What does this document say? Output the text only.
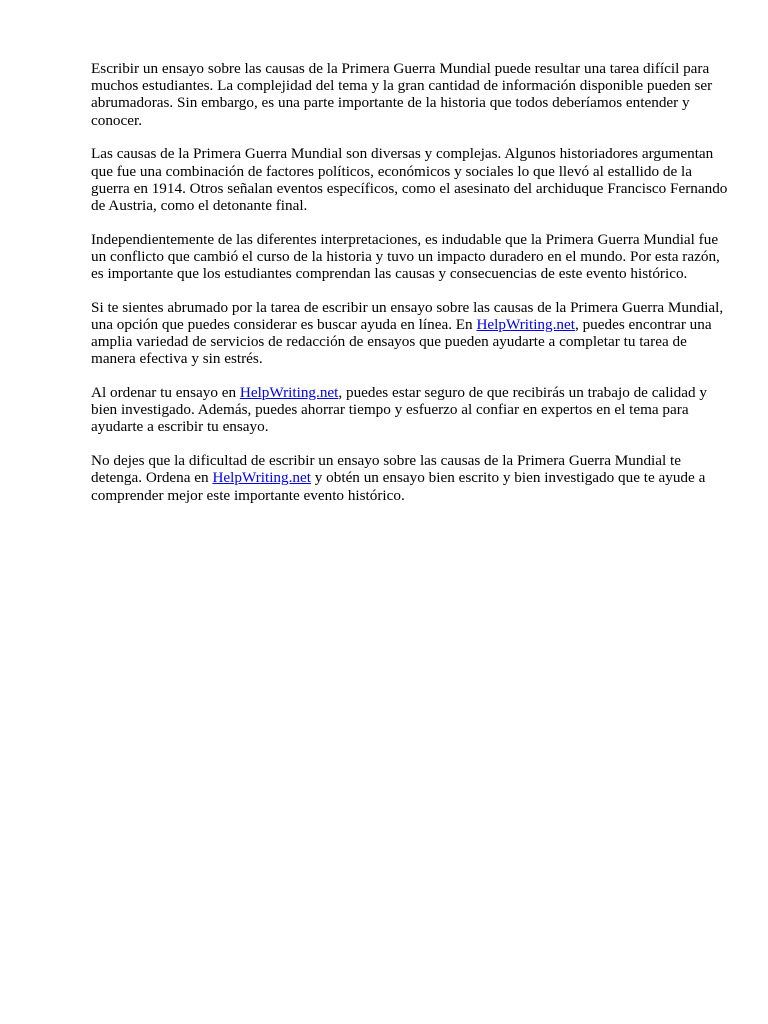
Escribir un ensayo sobre las causas de la Primera Guerra Mundial puede resultar una tarea difícil para muchos estudiantes. La complejidad del tema y la gran cantidad de información disponible pueden ser abrumadoras. Sin embargo, es una parte importante de la historia que todos deberíamos entender y conocer.

Las causas de la Primera Guerra Mundial son diversas y complejas. Algunos historiadores argumentan que fue una combinación de factores políticos, económicos y sociales lo que llevó al estallido de la guerra en 1914. Otros señalan eventos específicos, como el asesinato del archiduque Francisco Fernando de Austria, como el detonante final.

Independientemente de las diferentes interpretaciones, es indudable que la Primera Guerra Mundial fue un conflicto que cambió el curso de la historia y tuvo un impacto duradero en el mundo. Por esta razón, es importante que los estudiantes comprendan las causas y consecuencias de este evento histórico.

Si te sientes abrumado por la tarea de escribir un ensayo sobre las causas de la Primera Guerra Mundial, una opción que puedes considerar es buscar ayuda en línea. En HelpWriting.net, puedes encontrar una amplia variedad de servicios de redacción de ensayos que pueden ayudarte a completar tu tarea de manera efectiva y sin estrés.

Al ordenar tu ensayo en HelpWriting.net, puedes estar seguro de que recibirás un trabajo de calidad y bien investigado. Además, puedes ahorrar tiempo y esfuerzo al confiar en expertos en el tema para ayudarte a escribir tu ensayo.

No dejes que la dificultad de escribir un ensayo sobre las causas de la Primera Guerra Mundial te detenga. Ordena en HelpWriting.net y obtén un ensayo bien escrito y bien investigado que te ayude a comprender mejor este importante evento histórico.
